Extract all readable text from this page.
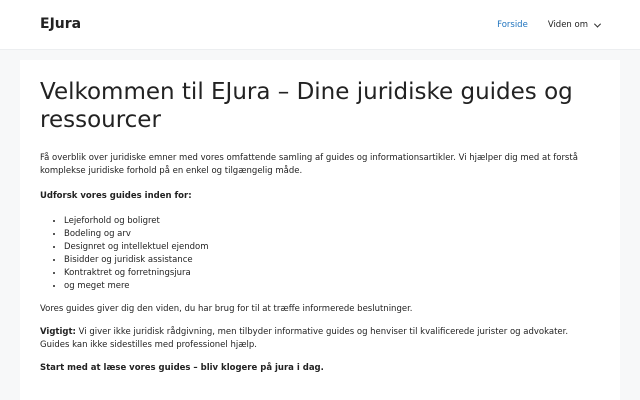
EJura	Forside Viden om
Velkommen til EJura – Dine juridiske guides og ressourcer

Få overblik over juridiske emner med vores omfattende samling af guides og informationsartikler. Vi hjælper dig med at forstå komplekse juridiske forhold på en enkel og tilgængelig måde.

Udforsk vores guides inden for:

• Lejeforhold og boligret
• Bodeling og arv
• Designret og intellektuel ejendom
• Bisidder og juridisk assistance
• Kontraktret og forretningsjura
• og meget mere

Vores guides giver dig den viden, du har brug for til at træffe informerede beslutninger.

Vigtigt: Vi giver ikke juridisk rådgivning, men tilbyder informative guides og henviser til kvalificerede jurister og advokater. Guides kan ikke sidestilles med professionel hjælp.

Start med at læse vores guides – bliv klogere på jura i dag.
